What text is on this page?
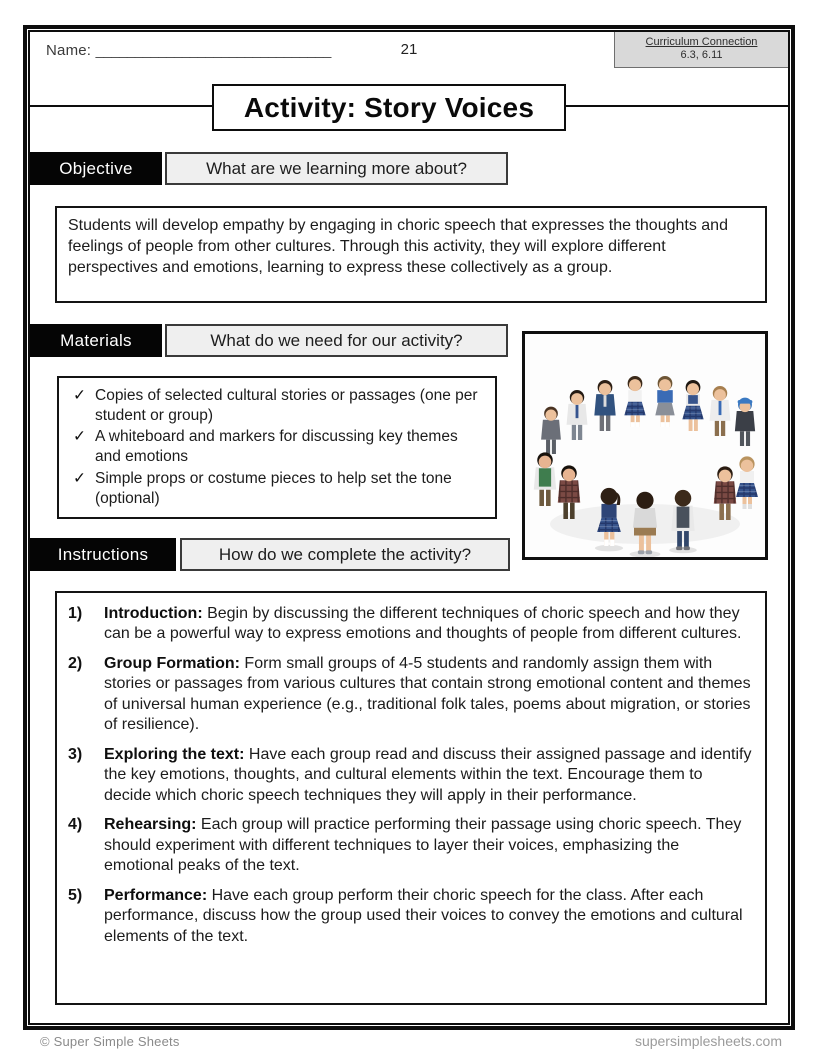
Name: ______________________________	21	Curriculum Connection
6.3, 6.11
Activity: Story Voices
Objective	What are we learning more about?
Students will develop empathy by engaging in choric speech that expresses the thoughts and feelings of people from other cultures. Through this activity, they will explore different perspectives and emotions, learning to express these collectively as a group.
Materials	What do we need for our activity?
✓ Copies of selected cultural stories or passages (one per student or group)
✓ A whiteboard and markers for discussing key themes and emotions
✓ Simple props or costume pieces to help set the tone (optional)
Instructions	How do we complete the activity?
1)	Introduction: Begin by discussing the different techniques of choric speech and how they can be a powerful way to express emotions and thoughts of people from different cultures.
2)	Group Formation: Form small groups of 4-5 students and randomly assign them with stories or passages from various cultures that contain strong emotional content and themes of universal human experience (e.g., traditional folk tales, poems about migration, or stories of resilience).
3)	Exploring the text: Have each group read and discuss their assigned passage and identify the key emotions, thoughts, and cultural elements within the text. Encourage them to decide which choric speech techniques they will apply in their performance.
4)	Rehearsing: Each group will practice performing their passage using choric speech. They should experiment with different techniques to layer their voices, emphasizing the emotional peaks of the text.
5)	Performance: Have each group perform their choric speech for the class. After each performance, discuss how the group used their voices to convey the emotions and cultural elements of the text.
© Super Simple Sheets	supersimplesheets.com
